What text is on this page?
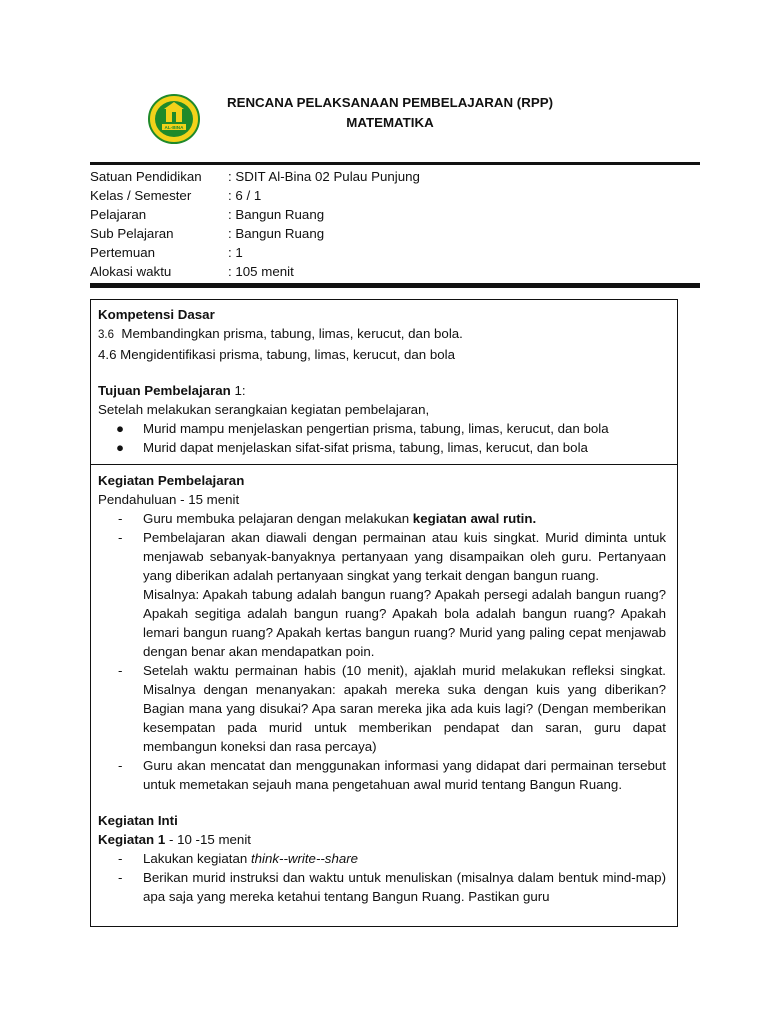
AL-BINA
RENCANA PELAKSANAAN PEMBELAJARAN (RPP)
MATEMATIKA
Satuan Pendidikan	: SDIT Al-Bina 02 Pulau Punjung
Kelas / Semester	: 6 / 1
Pelajaran	: Bangun Ruang
Sub Pelajaran	: Bangun Ruang
Pertemuan	: 1
Alokasi waktu	: 105 menit
Kompetensi Dasar
3.6 Membandingkan prisma, tabung, limas, kerucut, dan bola.
4.6 Mengidentifikasi prisma, tabung, limas, kerucut, dan bola
Tujuan Pembelajaran 1:
Setelah melakukan serangkaian kegiatan pembelajaran,
● Murid mampu menjelaskan pengertian prisma, tabung, limas, kerucut, dan bola
● Murid dapat menjelaskan sifat-sifat prisma, tabung, limas, kerucut, dan bola
Kegiatan Pembelajaran
Pendahuluan - 15 menit
- Guru membuka pelajaran dengan melakukan kegiatan awal rutin.
- Pembelajaran akan diawali dengan permainan atau kuis singkat. Murid diminta untuk menjawab sebanyak-banyaknya pertanyaan yang disampaikan oleh guru. Pertanyaan yang diberikan adalah pertanyaan singkat yang terkait dengan bangun ruang.
Misalnya: Apakah tabung adalah bangun ruang? Apakah persegi adalah bangun ruang? Apakah segitiga adalah bangun ruang? Apakah bola adalah bangun ruang? Apakah lemari bangun ruang? Apakah kertas bangun ruang? Murid yang paling cepat menjawab dengan benar akan mendapatkan poin.
- Setelah waktu permainan habis (10 menit), ajaklah murid melakukan refleksi singkat. Misalnya dengan menanyakan: apakah mereka suka dengan kuis yang diberikan? Bagian mana yang disukai? Apa saran mereka jika ada kuis lagi? (Dengan memberikan kesempatan pada murid untuk memberikan pendapat dan saran, guru dapat membangun koneksi dan rasa percaya)
- Guru akan mencatat dan menggunakan informasi yang didapat dari permainan tersebut untuk memetakan sejauh mana pengetahuan awal murid tentang Bangun Ruang.
Kegiatan Inti
Kegiatan 1 - 10 -15 menit
- Lakukan kegiatan think--write--share
- Berikan murid instruksi dan waktu untuk menuliskan (misalnya dalam bentuk mind-map) apa saja yang mereka ketahui tentang Bangun Ruang. Pastikan guru
